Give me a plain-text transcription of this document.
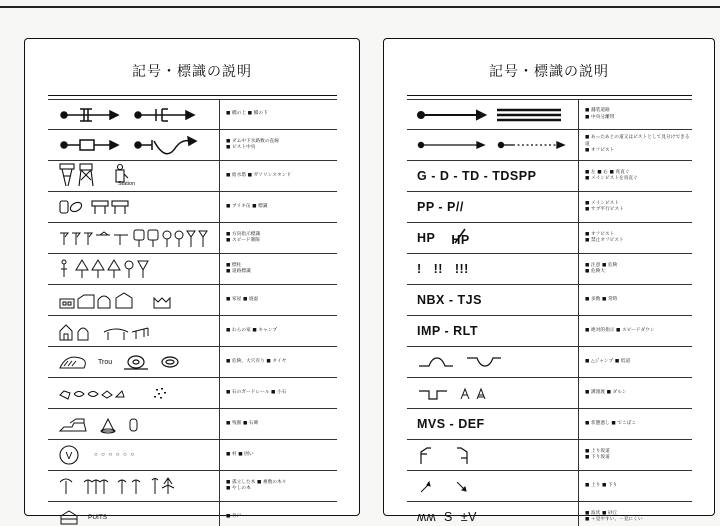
記号・標識の説明
■ 橋の上 ■ 橋の下
■ ダム中下水路数の直線
■ ピスト中央
Station
■ 給水塔 ■ ガソリンスタンド
■ ブリキ缶 ■ 標識
■ 方向指示標識
■ スピード制限
■ 標柱
■ 道路標識
■ 家屋 ■ 廃虚
■ わらの家 ■ キャンプ
Trou	■ 危険、大穴有り ■ タイヤ
■ 石のガードレール ■ 小石
■ 残骸 ■ 石碑
V	○ ○ ○ ○ ○ ○	■ 村 ■ 囲い
■ 孤立した木 ■ 複数の木々
■ やしの木
PUITS	■ 井戸
記号・標識の説明
■ 舗装道路
■ 中央分離帯
■ あったあとの道又はピストとして見分けできる道
■ オフピスト
G - D - TD - TDSPP	■ 左 ■ 右 ■ 真直ぐ
■ メインピストを真直ぐ
PP - P//	■ メインピスト
■ サブ平行ピスト
HP HP	■ オフピスト
■ 禁止オフピスト
!   !!   !!!	■ 注意 ■ 危険
■ 危険大
NBX - TJS	■ 多数 ■ 常時
IMP - RLT	■ 絶対的指示 ■ スピードダウン
■ △ジャンプ ■ 低道
■ 溝渡渡 ■ ダルン
MVS - DEF	■ 状態悪し ■ でこぼこ
■ 上り坂道
■ 下り坂道
■ 上り ■ 下り
ʍʍ  S  ±V	■ 波状 ■ 砂丘
■ ＋見やすい、－見にくい
